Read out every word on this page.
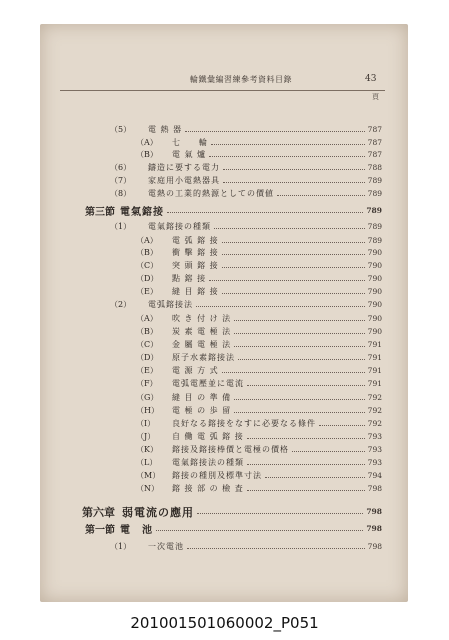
輪鐵彙編習練參考資料目錄	43
頁
（5）	電 熱 器	787
（A）	七　　輪	787
（B）	電 氣 爐	787
（6）	鑄造に要する電力	788
（7）	家庭用小電熱器具	789
（8）	電熱の工業的熱源としての價値	789
第三節 電氣鎔接	789
（1）	電氣鎔接の種類	789
（A）	電 弧 鎔 接	789
（B）	衝 擊 鎔 接	790
（C）	突 頭 鎔 接	790
（D）	點 鎔 接	790
（E）	縫 目 鎔 接	790
（2）	電弧鎔接法	790
（A）	吹 き 付 け 法	790
（B）	炭 素 電 極 法	790
（C）	金 屬 電 極 法	791
（D）	原子水素鎔接法	791
（E）	電 源 方 式	791
（F）	電弧電壓並に電流	791
（G）	縫 目 の 準 備	792
（H）	電 極 の 歩 留	792
（I）	良好なる鎔接をなすに必要なる條件	792
（J）	自 働 電 弧 鎔 接	793
（K）	鎔接及鎔接棒價と電極の價格	793
（L）	電氣鎔接法の種類	793
（M）	鎔接の種別及標準寸法	794
（N）	鎔 接 部 の 檢 査	798
第六章 弱電流の應用	798
第一節 電　池	798
（1）	一次電池	798
201001501060002_P051
